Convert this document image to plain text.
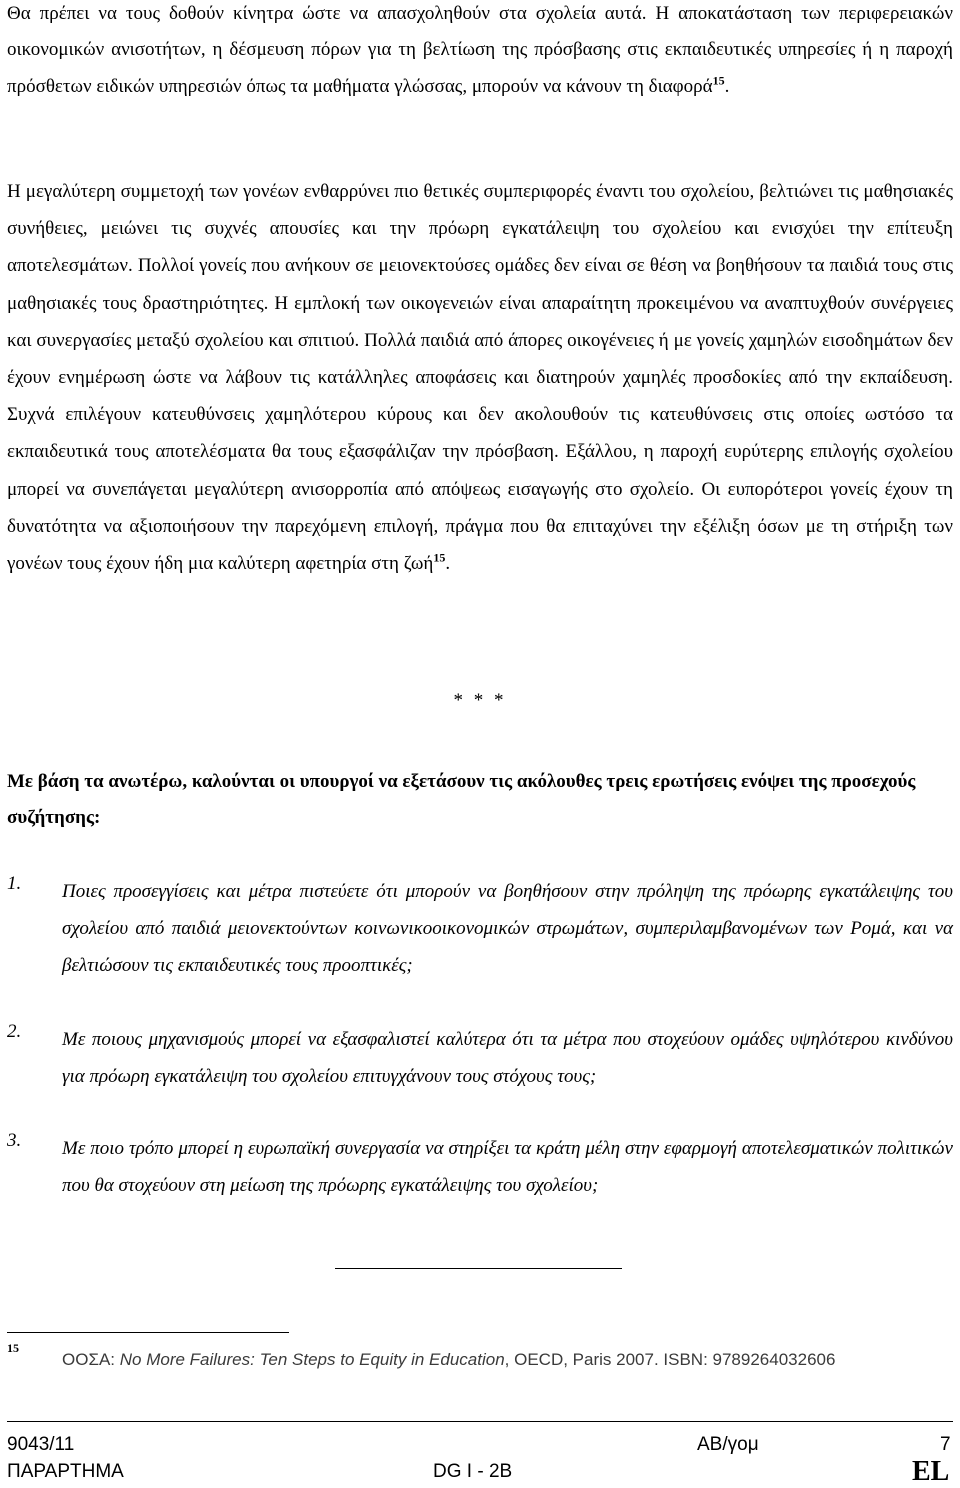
Θα πρέπει να τους δοθούν κίνητρα ώστε να απασχοληθούν στα σχολεία αυτά. Η αποκατάσταση των περιφερειακών οικονομικών ανισοτήτων, η δέσμευση πόρων για τη βελτίωση της πρόσβασης στις εκπαιδευτικές υπηρεσίες ή η παροχή πρόσθετων ειδικών υπηρεσιών όπως τα μαθήματα γλώσσας, μπορούν να κάνουν τη διαφορά$^{15}$.

Η μεγαλύτερη συμμετοχή των γονέων ενθαρρύνει πιο θετικές συμπεριφορές έναντι του σχολείου, βελτιώνει τις μαθησιακές συνήθειες, μειώνει τις συχνές απουσίες και την πρόωρη εγκατάλειψη του σχολείου και ενισχύει την επίτευξη αποτελεσμάτων. Πολλοί γονείς που ανήκουν σε μειονεκτούσες ομάδες δεν είναι σε θέση να βοηθήσουν τα παιδιά τους στις μαθησιακές τους δραστηριότητες. Η εμπλοκή των οικογενειών είναι απαραίτητη προκειμένου να αναπτυχθούν συνέργειες και συνεργασίες μεταξύ σχολείου και σπιτιού. Πολλά παιδιά από άπορες οικογένειες ή με γονείς χαμηλών εισοδημάτων δεν έχουν ενημέρωση ώστε να λάβουν τις κατάλληλες αποφάσεις και διατηρούν χαμηλές προσδοκίες από την εκπαίδευση. Συχνά επιλέγουν κατευθύνσεις χαμηλότερου κύρους και δεν ακολουθούν τις κατευθύνσεις στις οποίες ωστόσο τα εκπαιδευτικά τους αποτελέσματα θα τους εξασφάλιζαν την πρόσβαση. Εξάλλου, η παροχή ευρύτερης επιλογής σχολείου μπορεί να συνεπάγεται μεγαλύτερη ανισορροπία από απόψεως εισαγωγής στο σχολείο. Οι ευπορότεροι γονείς έχουν τη δυνατότητα να αξιοποιήσουν την παρεχόμενη επιλογή, πράγμα που θα επιταχύνει την εξέλιξη όσων με τη στήριξη των γονέων τους έχουν ήδη μια καλύτερη αφετηρία στη ζωή$^{15}$.

* * *

Με βάση τα ανωτέρω, καλούνται οι υπουργοί να εξετάσουν τις ακόλουθες τρεις ερωτήσεις ενόψει της προσεχούς συζήτησης:

1. Ποιες προσεγγίσεις και μέτρα πιστεύετε ότι μπορούν να βοηθήσουν στην πρόληψη της πρόωρης εγκατάλειψης του σχολείου από παιδιά μειονεκτούντων κοινωνικοοικονομικών στρωμάτων, συμπεριλαμβανομένων των Ρομά, και να βελτιώσουν τις εκπαιδευτικές τους προοπτικές;
2. Με ποιους μηχανισμούς μπορεί να εξασφαλιστεί καλύτερα ότι τα μέτρα που στοχεύουν ομάδες υψηλότερου κινδύνου για πρόωρη εγκατάλειψη του σχολείου επιτυγχάνουν τους στόχους τους;
3. Με ποιο τρόπο μπορεί η ευρωπαϊκή συνεργασία να στηρίξει τα κράτη μέλη στην εφαρμογή αποτελεσματικών πολιτικών που θα στοχεύουν στη μείωση της πρόωρης εγκατάλειψης του σχολείου;
15
ΟΟΣΑ: No More Failures: Ten Steps to Equity in Education, OECD, Paris 2007. ISBN: 9789264032606
9043/11	AB/γομ	7
ΠΑΡΑΡΤΗΜΑ	DG I - 2B	EL
